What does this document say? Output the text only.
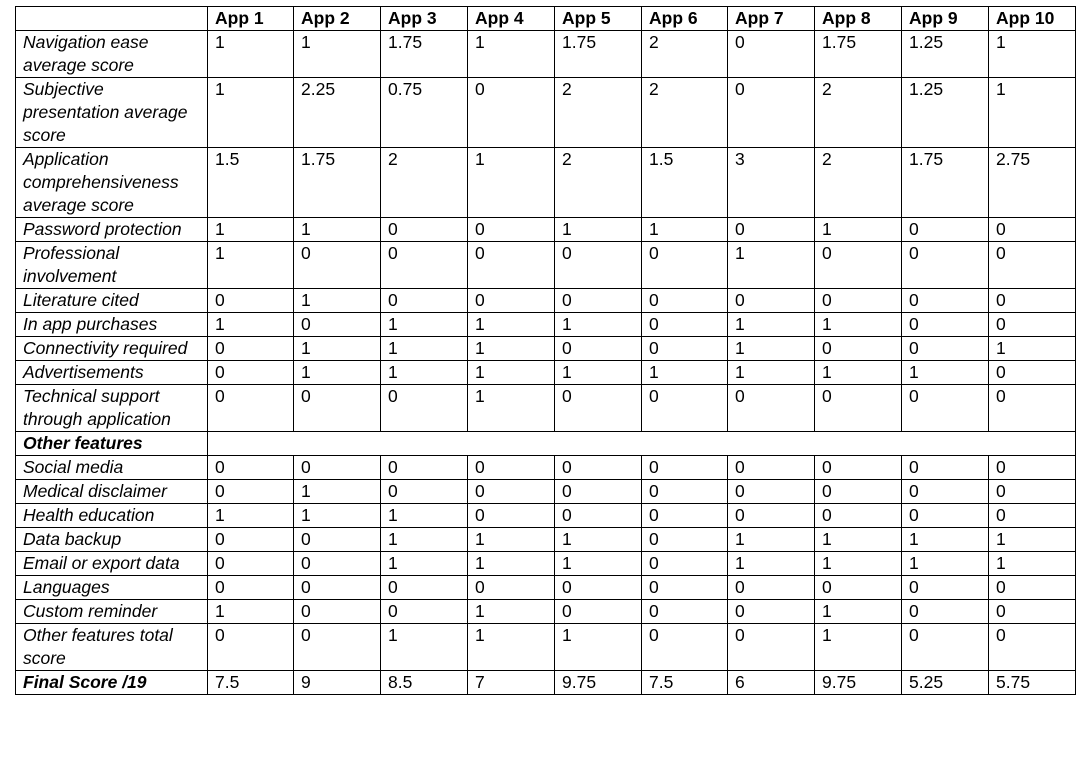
	App 1	App 2	App 3	App 4	App 5	App 6	App 7	App 8	App 9	App 10
Navigation ease average score	1	1	1.75	1	1.75	2	0	1.75	1.25	1
Subjective presentation average score	1	2.25	0.75	0	2	2	0	2	1.25	1
Application comprehensiveness average score	1.5	1.75	2	1	2	1.5	3	2	1.75	2.75
Password protection	1	1	0	0	1	1	0	1	0	0
Professional involvement	1	0	0	0	0	0	1	0	0	0
Literature cited	0	1	0	0	0	0	0	0	0	0
In app purchases	1	0	1	1	1	0	1	1	0	0
Connectivity required	0	1	1	1	0	0	1	0	0	1
Advertisements	0	1	1	1	1	1	1	1	1	0
Technical support through application	0	0	0	1	0	0	0	0	0	0
Other features										
Social media	0	0	0	0	0	0	0	0	0	0
Medical disclaimer	0	1	0	0	0	0	0	0	0	0
Health education	1	1	1	0	0	0	0	0	0	0
Data backup	0	0	1	1	1	0	1	1	1	1
Email or export data	0	0	1	1	1	0	1	1	1	1
Languages	0	0	0	0	0	0	0	0	0	0
Custom reminder	1	0	0	1	0	0	0	1	0	0
Other features total score	0	0	1	1	1	0	0	1	0	0
Final Score /19	7.5	9	8.5	7	9.75	7.5	6	9.75	5.25	5.75
